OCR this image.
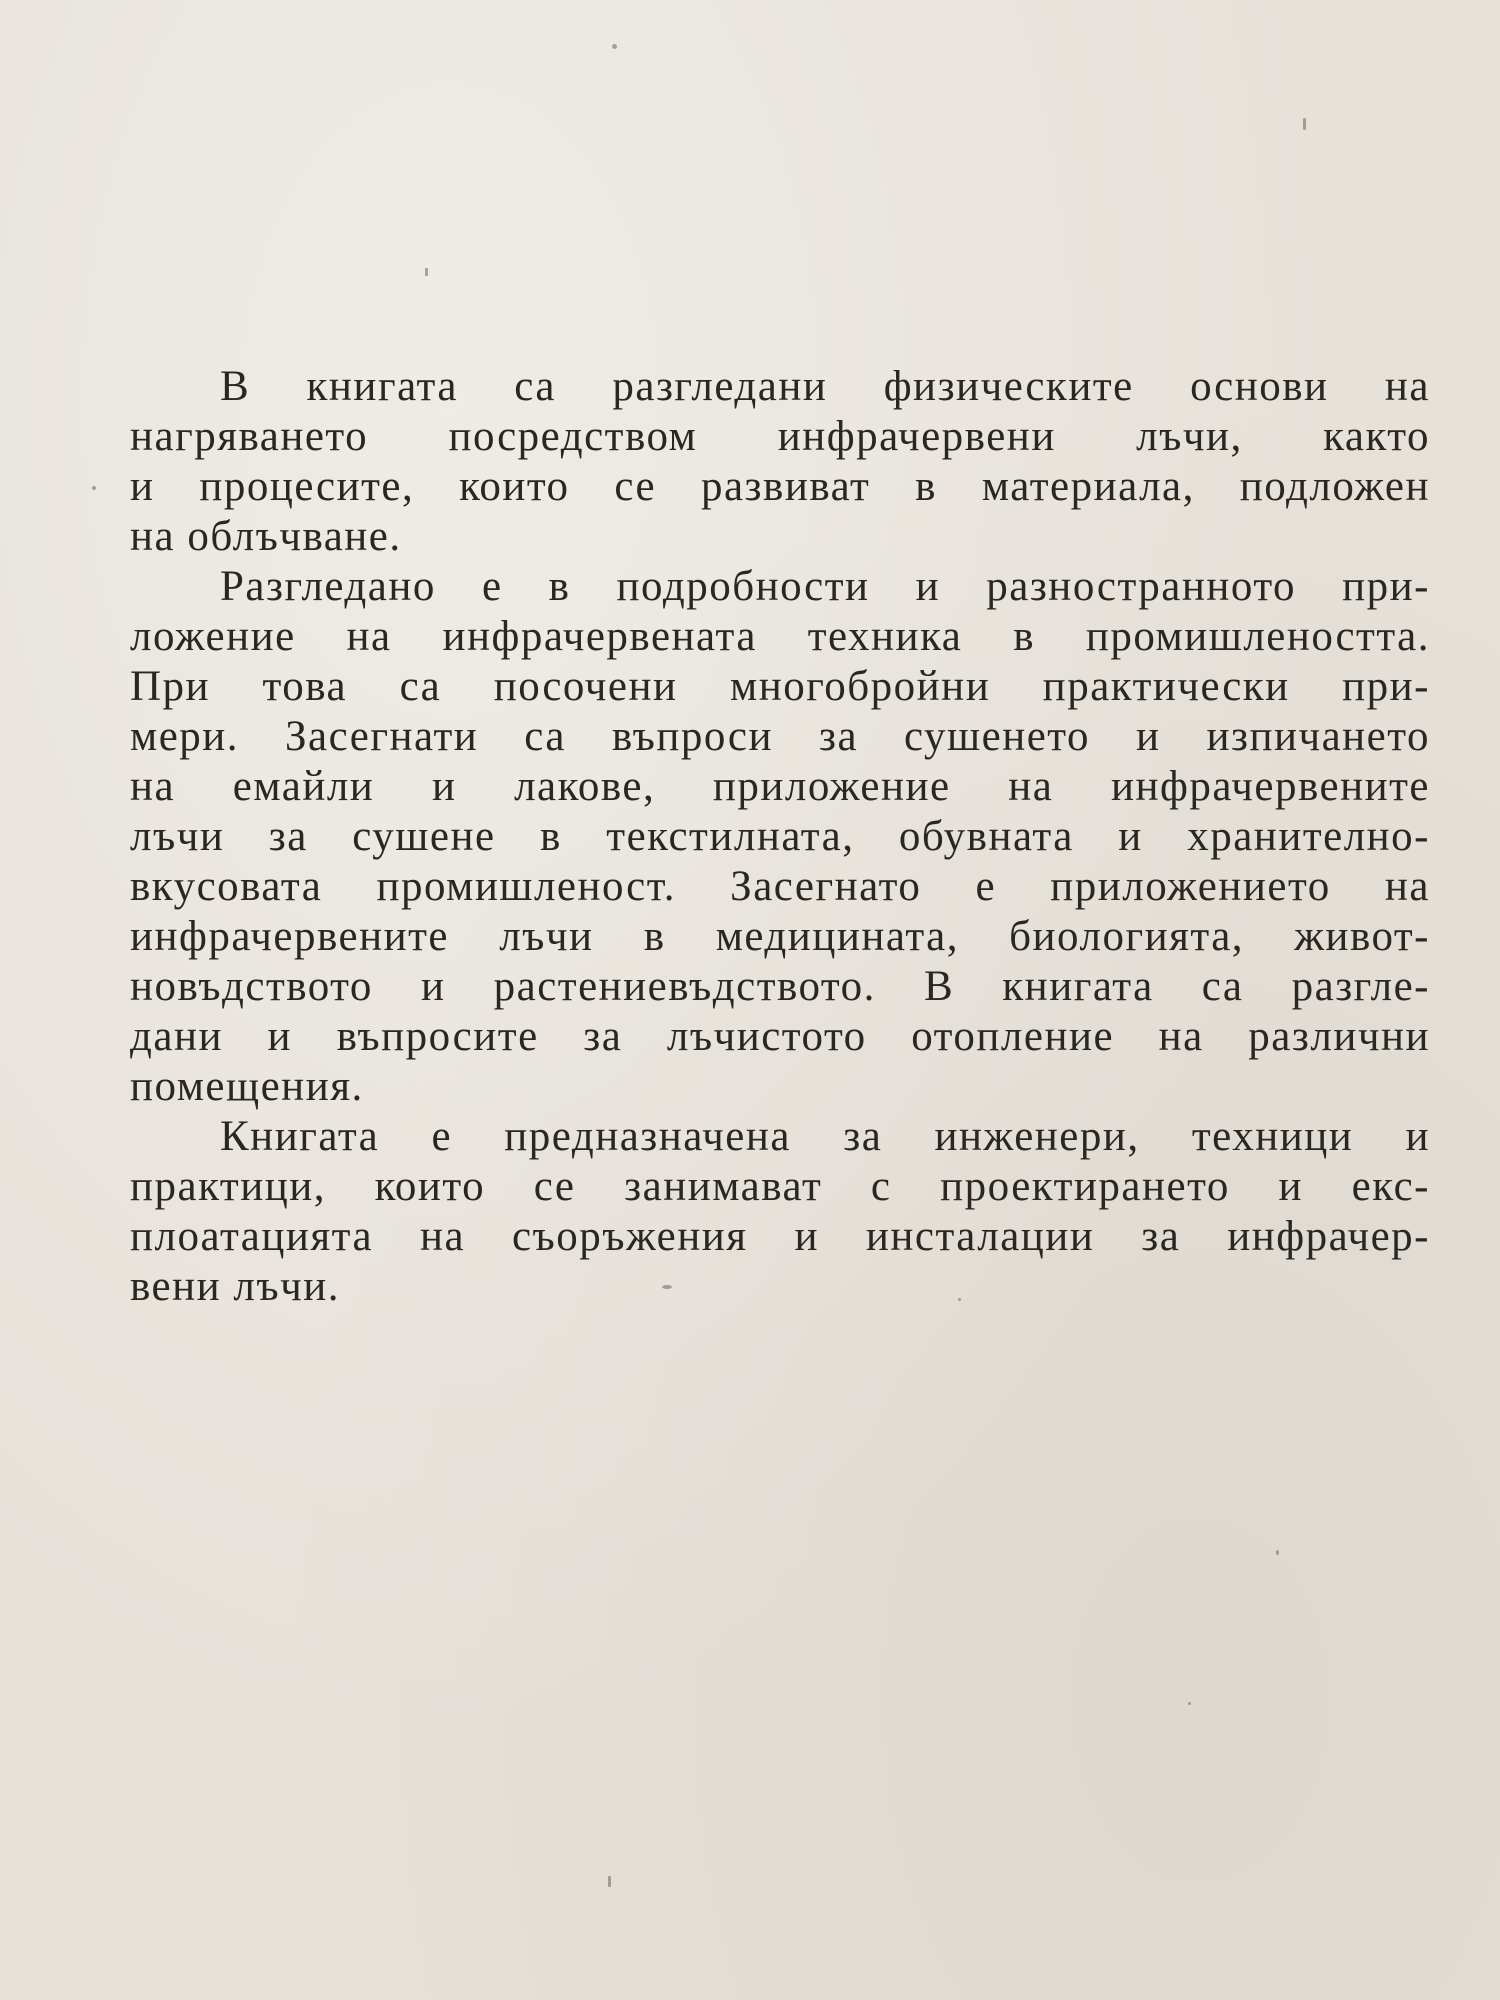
В книгата са разгледани физическите основи на
нагряването посредством инфрачервени лъчи, както
и процесите, които се развиват в материала, подложен
на облъчване.
Разгледано е в подробности и разностранното при-
ложение на инфрачервената техника в промишлеността.
При това са посочени многобройни практически при-
мери. Засегнати са въпроси за сушенето и изпичането
на емайли и лакове, приложение на инфрачервените
лъчи за сушене в текстилната, обувната и хранително-
вкусовата промишленост. Засегнато е приложението на
инфрачервените лъчи в медицината, биологията, живот-
новъдството и растениевъдството. В книгата са разгле-
дани и въпросите за лъчистото отопление на различни
помещения.
Книгата е предназначена за инженери, техници и
практици, които се занимават с проектирането и екс-
плоатацията на съоръжения и инсталации за инфрачер-
вени лъчи.
